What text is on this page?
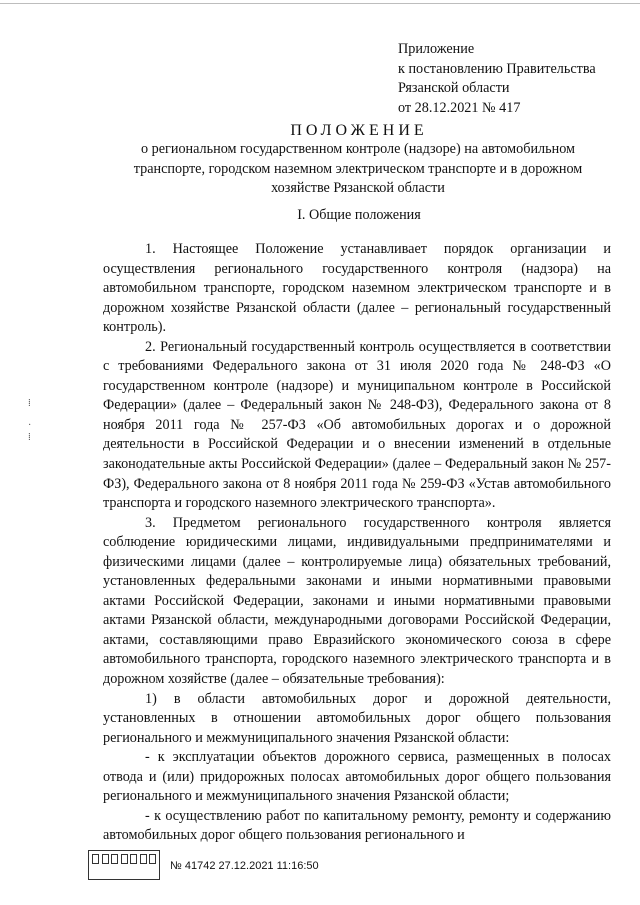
Приложение
к постановлению Правительства
Рязанской области
от 28.12.2021 № 417
ПОЛОЖЕНИЕ
о региональном государственном контроле (надзоре) на автомобильном транспорте, городском наземном электрическом транспорте и в дорожном хозяйстве Рязанской области
I. Общие положения

1. Настоящее Положение устанавливает порядок организации и осуществления регионального государственного контроля (надзора) на автомобильном транспорте, городском наземном электрическом транспорте и в дорожном хозяйстве Рязанской области (далее – региональный государственный контроль).

2. Региональный государственный контроль осуществляется в соответствии с требованиями Федерального закона от 31 июля 2020 года № 248-ФЗ «О государственном контроле (надзоре) и муниципальном контроле в Российской Федерации» (далее – Федеральный закон № 248-ФЗ), Федерального закона от 8 ноября 2011 года № 257-ФЗ «Об автомобильных дорогах и о дорожной деятельности в Российской Федерации и о внесении изменений в отдельные законодательные акты Российской Федерации» (далее – Федеральный закон № 257-ФЗ), Федерального закона от 8 ноября 2011 года № 259-ФЗ «Устав автомобильного транспорта и городского наземного электрического транспорта».

3. Предметом регионального государственного контроля является соблюдение юридическими лицами, индивидуальными предпринимателями и физическими лицами (далее – контролируемые лица) обязательных требований, установленных федеральными законами и иными нормативными правовыми актами Российской Федерации, законами и иными нормативными правовыми актами Рязанской области, международными договорами Российской Федерации, актами, составляющими право Евразийского экономического союза в сфере автомобильного транспорта, городского наземного электрического транспорта и в дорожном хозяйстве (далее – обязательные требования):

1) в области автомобильных дорог и дорожной деятельности, установленных в отношении автомобильных дорог общего пользования регионального и межмуниципального значения Рязанской области:

- к эксплуатации объектов дорожного сервиса, размещенных в полосах отвода и (или) придорожных полосах автомобильных дорог общего пользования регионального и межмуниципального значения Рязанской области;

- к осуществлению работ по капитальному ремонту, ремонту и содержанию автомобильных дорог общего пользования регионального и

⁞
·
⁞
№ 41742 27.12.2021 11:16:50
